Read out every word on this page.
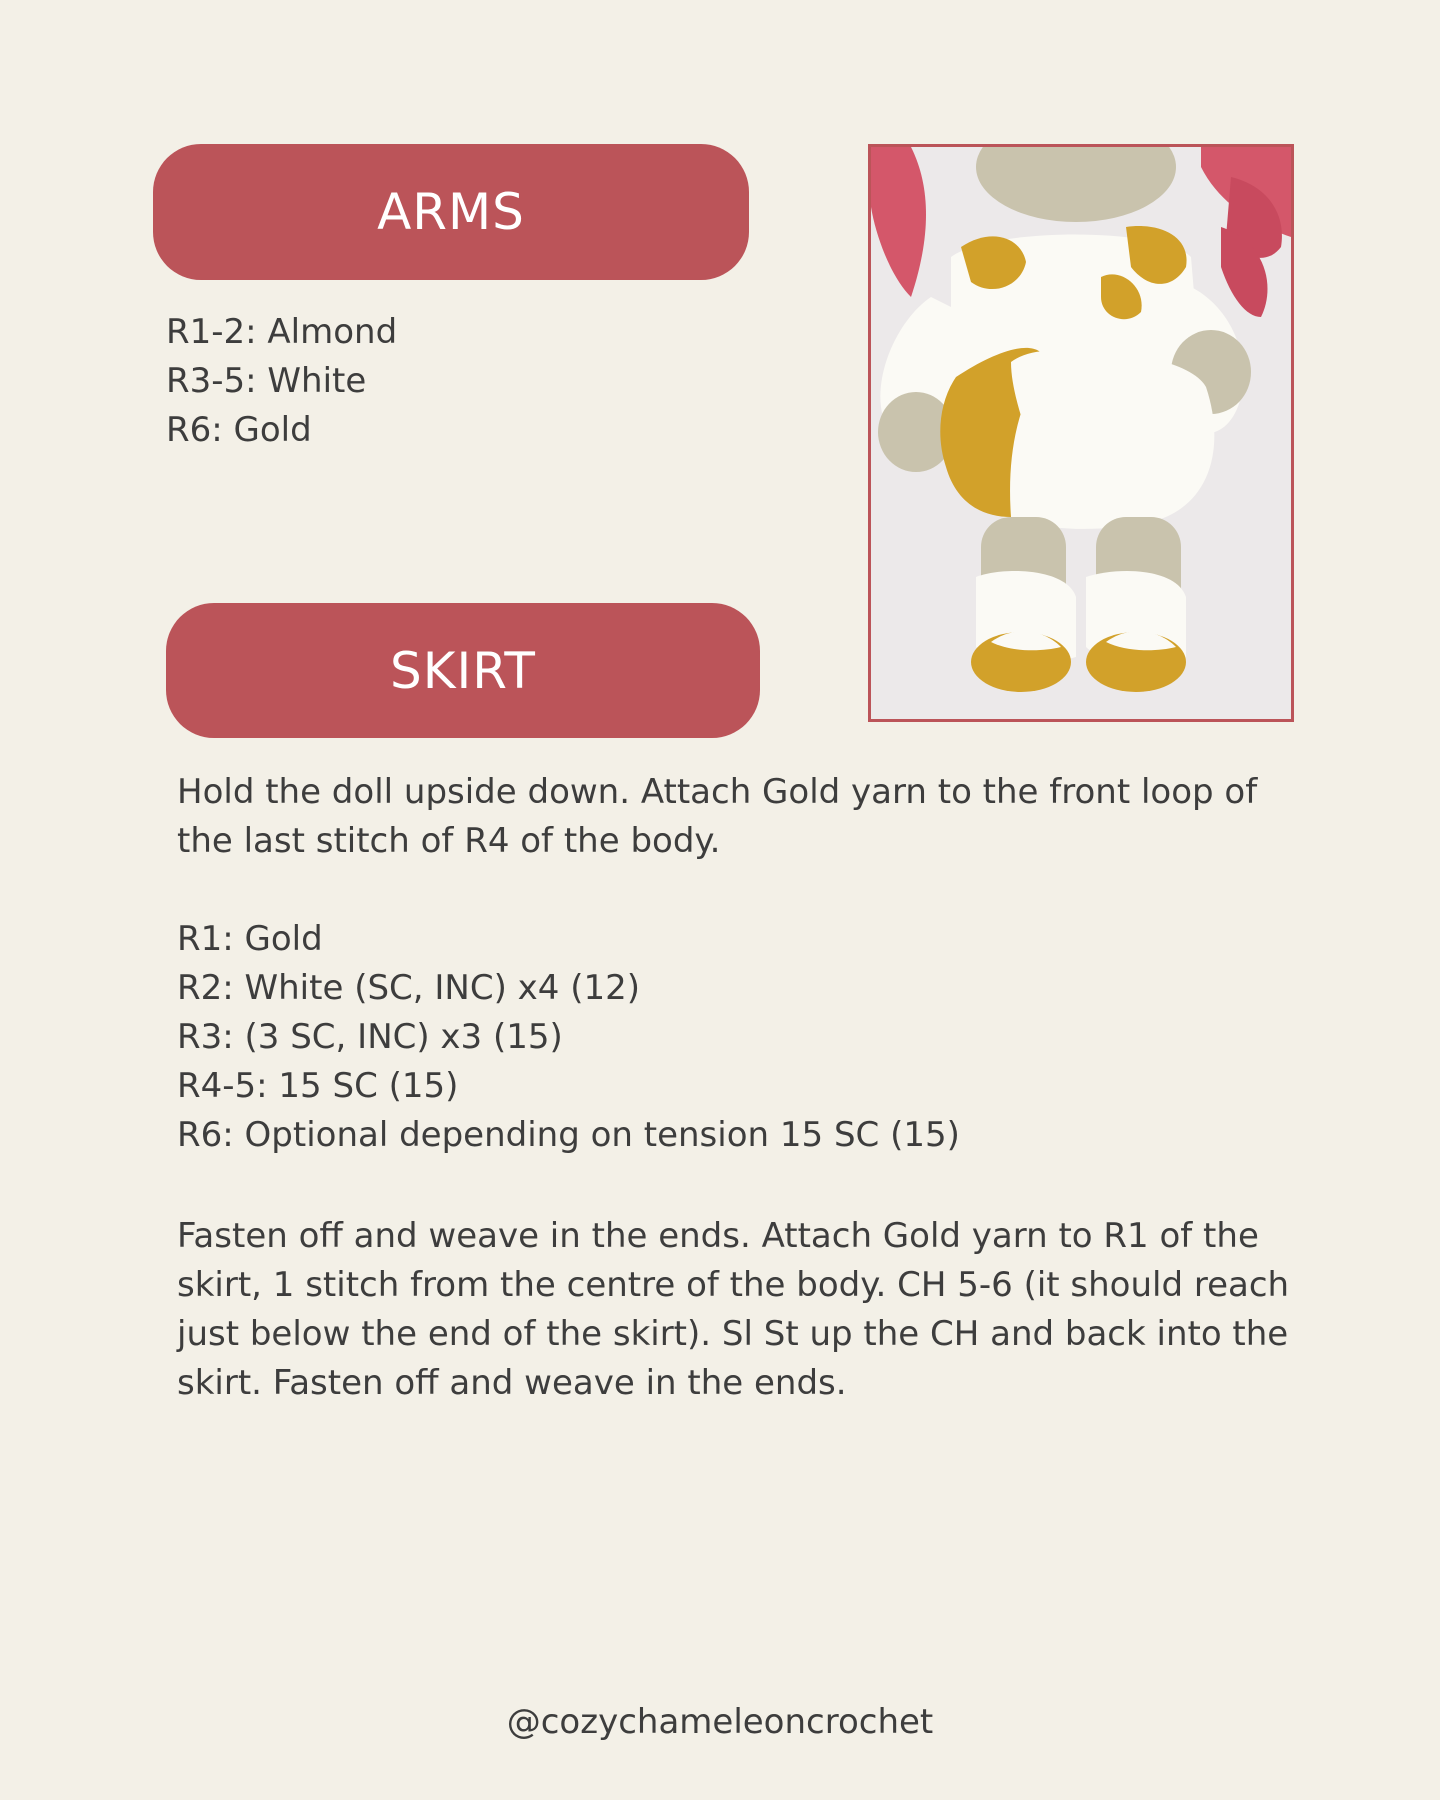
ARMS
R1-2: Almond
R3-5: White
R6: Gold
SKIRT
Hold the doll upside down. Attach Gold yarn to the front loop of the last stitch of R4 of the body.
R1: Gold
R2: White (SC, INC) x4 (12)
R3: (3 SC, INC) x3 (15)
R4-5: 15 SC (15)
R6: Optional depending on tension 15 SC (15)
Fasten off and weave in the ends. Attach Gold yarn to R1 of the skirt, 1 stitch from the centre of the body. CH 5-6 (it should reach just below the end of the skirt). Sl St up the CH and back into the skirt. Fasten off and weave in the ends.
@cozychameleoncrochet
